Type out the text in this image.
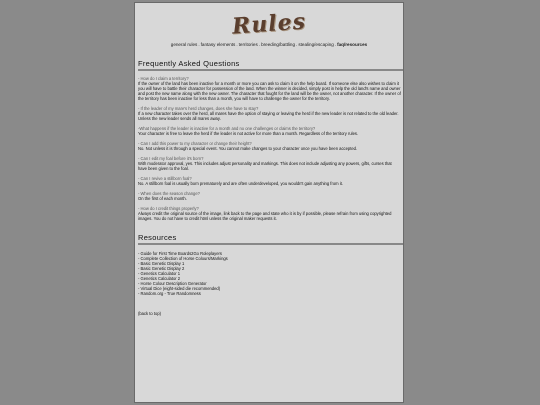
Rules
general rules.fantasy elements.territories.breeding/battling.stealing/escaping.faq/resources
Frequently Asked Questions
- How do I claim a territory?
If the owner of the land has been inactive for a month or more you can ask to claim it on the help board. If someone else also wishes to claim it you will have to battle their character for possession of the land. When the winner is decided, simply post in help the old land's name and owner and post the new name along with the new owner. The character that fought for the land will be the owner, not another character. If the owner of the territory has been inactive for less than a month, you will have to challenge the owner for the territory.
- If the leader of my mare's herd changes, does she have to stay?
If a new character takes over the herd, all mares have the option of staying or leaving the herd if the new leader is not related to the old leader. Unless the new leader sends all mares away.
-What happens if the leader is inactive for a month and no one challenges or claims the territory?
Your character is free to leave the herd if the leader is not active for more than a month. Regardless of the territory rules.
- Can I add this power to my character or change their height?
No. Not unless it is through a special event. You cannot make changes to your character once you have been accepted.
- Can I edit my foal before it's born?
With moderator approval, yes. This includes adjust personality and markings. This does not include adjusting any powers, gifts, curses that have been given to the foal.
- Can I revive a stillborn foal?
No. A stillborn foal is usually born prematurely and are often underdeveloped, you wouldn't gain anything from it.
- When does the season change?
On the first of each month.
- How do I credit things properly?
Always credit the original source of the image, link back to the page and state who it is by if possible, please refrain from using copyrighted images. You do not have to credit html unless the original maker requests it.
Resources
- Guide for First Time Boards2Go Roleplayers
- Complete Collection of Horse Colours/Markings
- Basic Genetic Display 1
- Basic Genetic Display 2
- Genetics Calculator 1
- Genetics Calculator 2
- Horse Colour Description Generator
- Virtual Dice (eight-sided die recommended)
- Random.org - True Randomness
(back to top)
